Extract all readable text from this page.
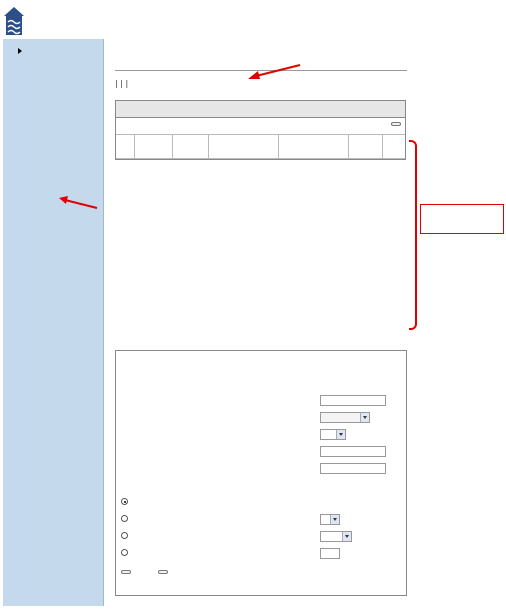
| | |
